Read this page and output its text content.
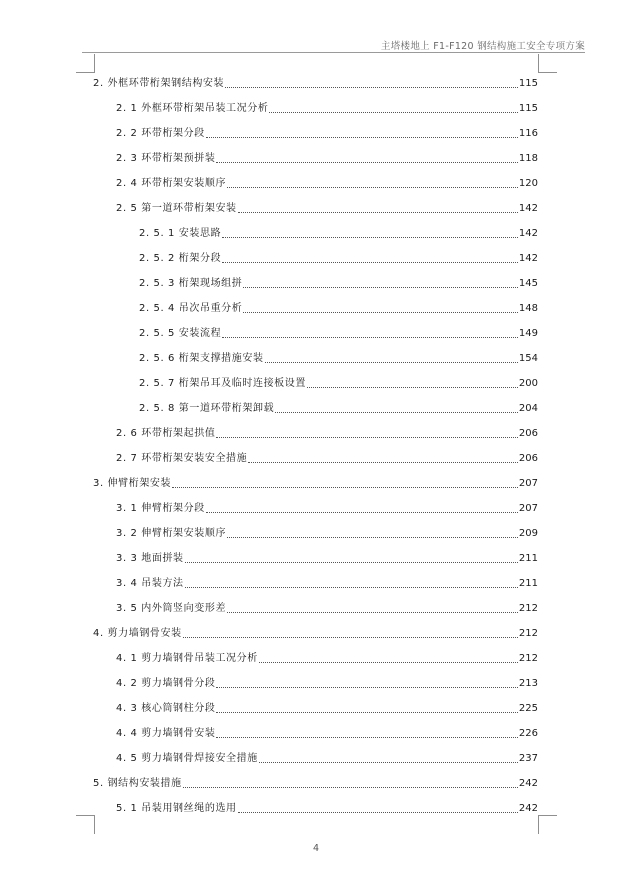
主塔楼地上 F1-F120 钢结构施工安全专项方案
2. 外框环带桁架钢结构安装	115
2. 1 外框环带桁架吊装工况分析	115
2. 2 环带桁架分段	116
2. 3 环带桁架预拼装	118
2. 4 环带桁架安装顺序	120
2. 5 第一道环带桁架安装	142
2. 5. 1 安装思路	142
2. 5. 2 桁架分段	142
2. 5. 3 桁架现场组拼	145
2. 5. 4 吊次吊重分析	148
2. 5. 5 安装流程	149
2. 5. 6 桁架支撑措施安装	154
2. 5. 7 桁架吊耳及临时连接板设置	200
2. 5. 8 第一道环带桁架卸载	204
2. 6 环带桁架起拱值	206
2. 7 环带桁架安装安全措施	206
3. 伸臂桁架安装	207
3. 1 伸臂桁架分段	207
3. 2 伸臂桁架安装顺序	209
3. 3 地面拼装	211
3. 4 吊装方法	211
3. 5 内外筒竖向变形差	212
4. 剪力墙钢骨安装	212
4. 1 剪力墙钢骨吊装工况分析	212
4. 2 剪力墙钢骨分段	213
4. 3 核心筒钢柱分段	225
4. 4 剪力墙钢骨安装	226
4. 5 剪力墙钢骨焊接安全措施	237
5. 钢结构安装措施	242
5. 1 吊装用钢丝绳的选用	242
4
